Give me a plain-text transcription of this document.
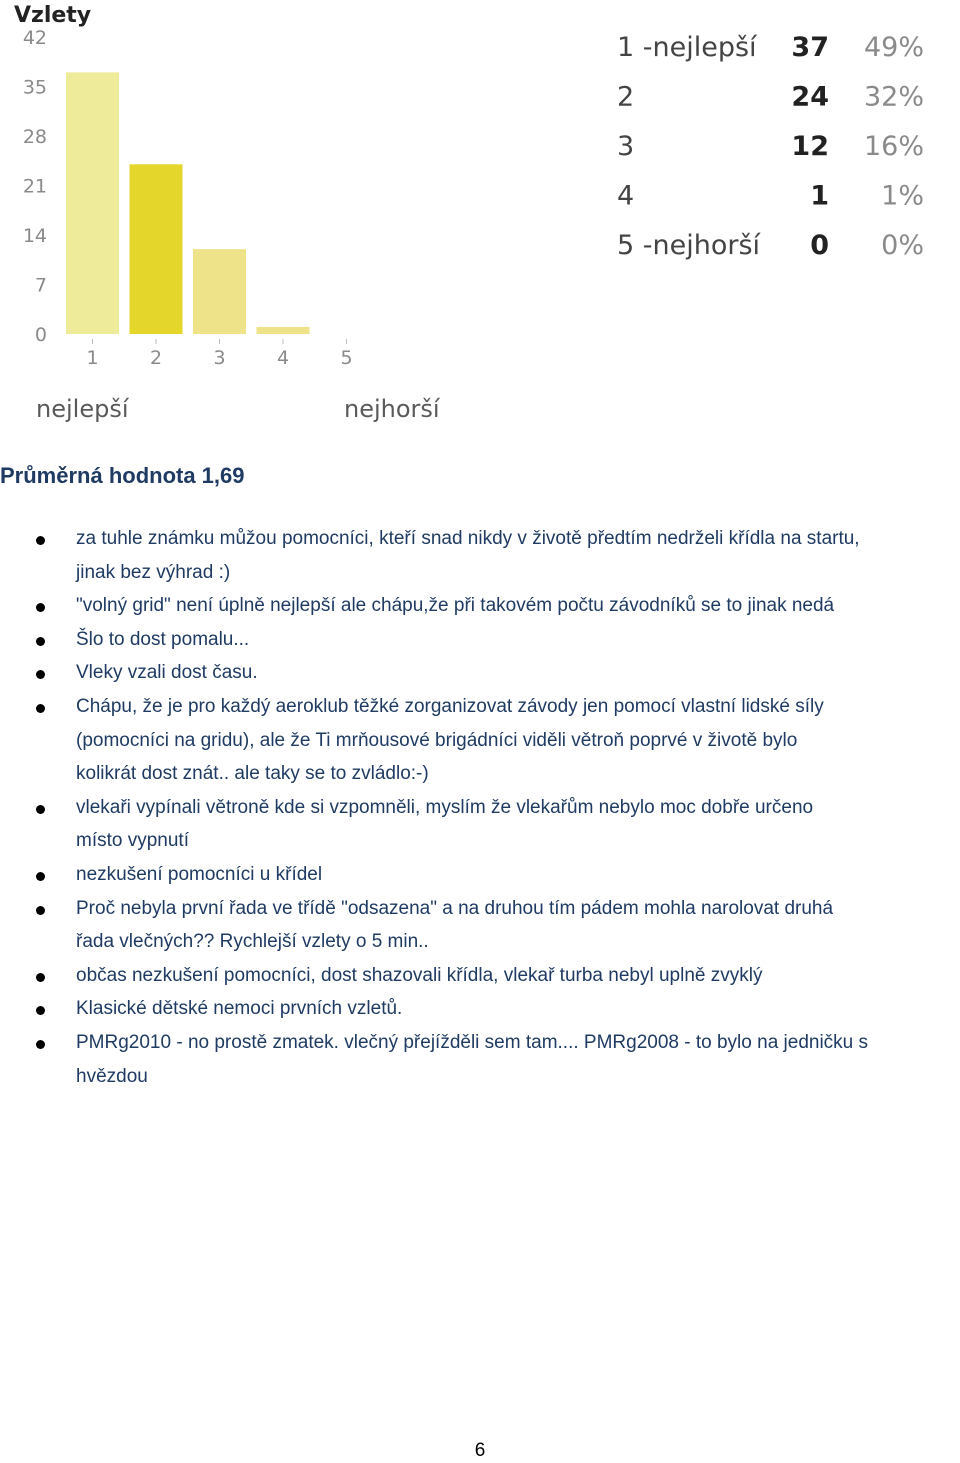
Vzlety
42
35
28
21
14
7
0
1	2	3	4	5
nejlepší	nejhorší
1 -nejlepší 37 49%
2	24 32%
3	12 16%
4	1 1%
5 -nejhorší 0 0%
Průměrná hodnota 1,69
za tuhle známku můžou pomocníci, kteří snad nikdy v životě předtím nedrželi křídla na startu,
jinak bez výhrad :)
"volný grid" není úplně nejlepší ale chápu,že při takovém počtu závodníků se to jinak nedá
Šlo to dost pomalu...
Vleky vzali dost času.
Chápu, že je pro každý aeroklub těžké zorganizovat závody jen pomocí vlastní lidské síly
(pomocníci na gridu), ale že Ti mrňousové brigádníci viděli větroň poprvé v životě bylo
kolikrát dost znát.. ale taky se to zvládlo:-)
vlekaři vypínali větroně kde si vzpomněli, myslím že vlekařům nebylo moc dobře určeno
místo vypnutí
nezkušení pomocníci u křídel
Proč nebyla první řada ve třídě "odsazena" a na druhou tím pádem mohla narolovat druhá
řada vlečných?? Rychlejší vzlety o 5 min..
občas nezkušení pomocníci, dost shazovali křídla, vlekař turba nebyl uplně zvyklý
Klasické dětské nemoci prvních vzletů.
PMRg2010 - no prostě zmatek. vlečný přejížděli sem tam.... PMRg2008 - to bylo na jedničku s
hvězdou
6
